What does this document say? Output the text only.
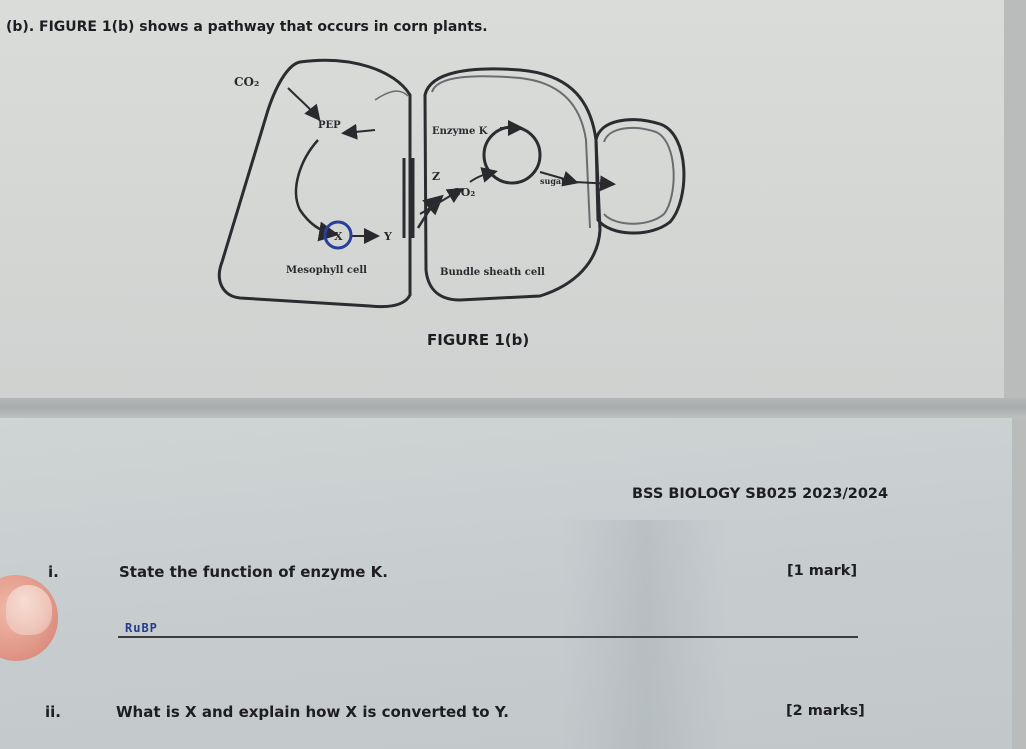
(b). FIGURE 1(b) shows a pathway that occurs in corn plants.
CO₂
PEP
Enzyme K
Z
CO₂
sugar
X	Y
Mesophyll cell	Bundle sheath cell
FIGURE 1(b)
BSS BIOLOGY SB025 2023/2024
i.	State the function of enzyme K.	[1 mark]
RuBP
ii.	What is X and explain how X is converted to Y.	[2 marks]
